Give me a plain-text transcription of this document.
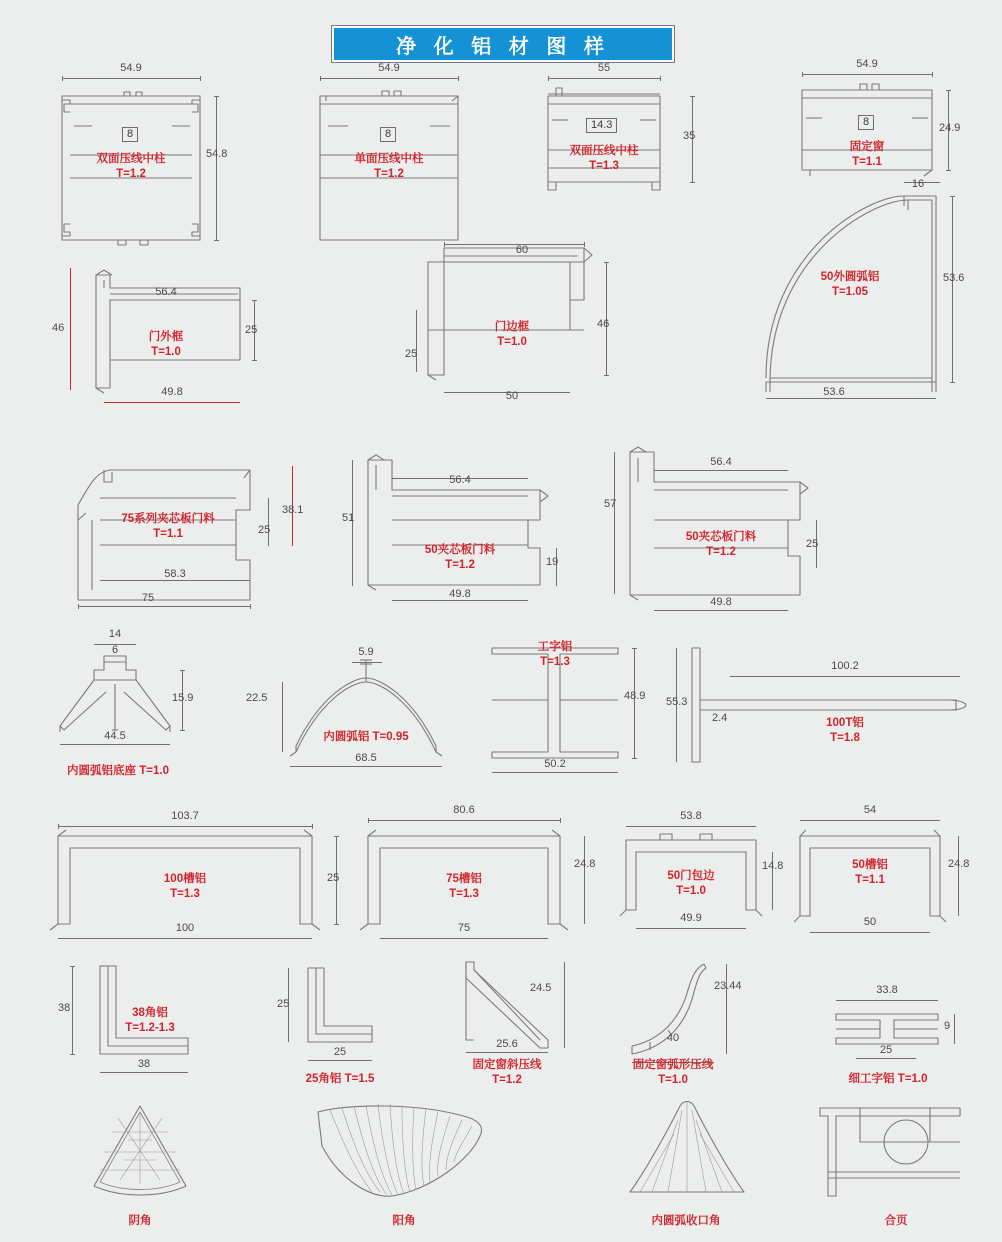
净 化 铝 材 图 样
54.9
54.8
8
双面压线中柱
T=1.2
54.9
8
单面压线中柱
T=1.2
55
35
14.3
双面压线中柱
T=1.3
54.9
24.9
8
固定窗
T=1.1
56.4
46	25
49.8
门外框
T=1.0
60
46
25
50
门边框
T=1.0
16
53.6
53.6
50外圆弧铝
T=1.05
38.1
25
58.3
75
75系列夹芯板门料
T=1.1
56.4
51
19
49.8
50夹芯板门料
T=1.2
56.4
57
25
49.8
50夹芯板门料
T=1.2
14
6
15.9
44.5
内圆弧铝底座 T=1.0
5.9
22.5
68.5
内圆弧铝 T=0.95
48.9
50.2
工字铝
T=1.3	100.2
55.3
2.4	100T铝
T=1.8
103.7
25
100
100槽铝
T=1.3
80.6
24.8
75
75槽铝
T=1.3
53.8
14.8
49.9
50门包边
T=1.0
54
24.8
50
50槽铝
T=1.1
38
38
38角铝
T=1.2-1.3
25
25
25角铝 T=1.5
24.5
25.6
固定窗斜压线
T=1.2
23.44
40
固定窗弧形压线
T=1.0
33.8
9
25
细工字铝 T=1.0
阴角	阳角	内圆弧收口角	合页
